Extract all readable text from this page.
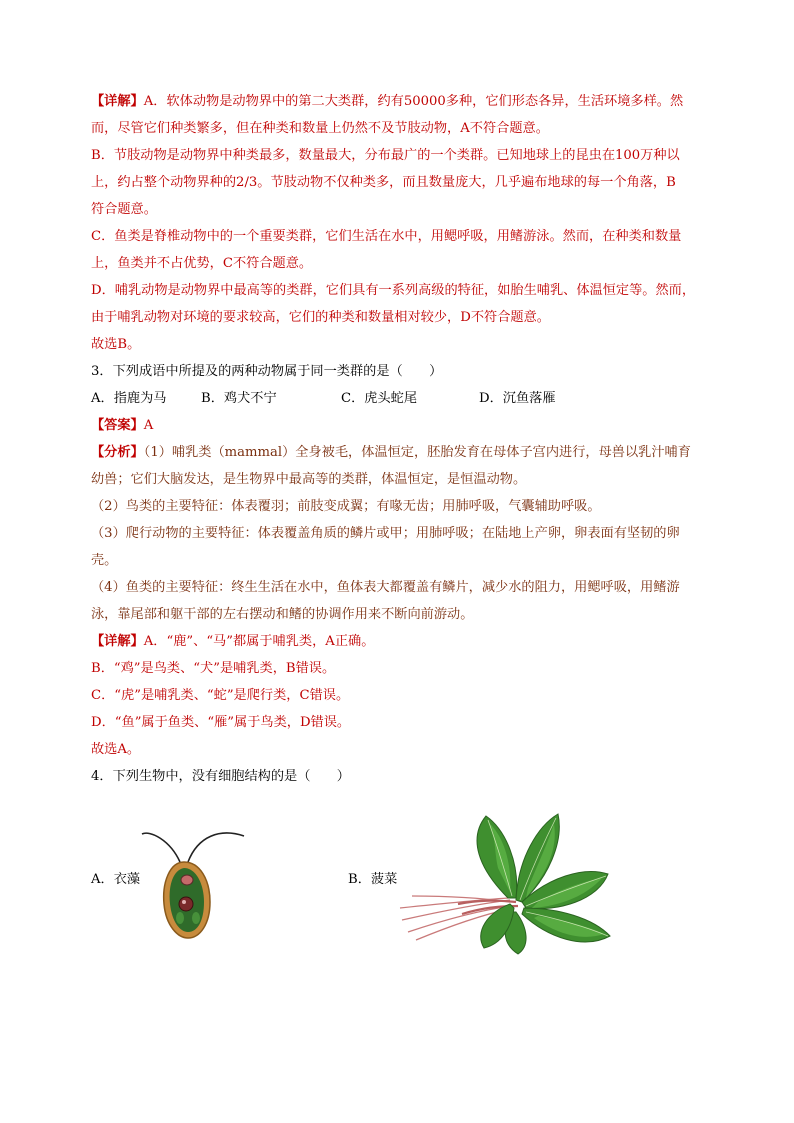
【详解】A．软体动物是动物界中的第二大类群，约有50000多种，它们形态各异，生活环境多样。然
而，尽管它们种类繁多，但在种类和数量上仍然不及节肢动物，A不符合题意。
B．节肢动物是动物界中种类最多，数量最大，分布最广的一个类群。已知地球上的昆虫在100万种以
上，约占整个动物界种的2/3。节肢动物不仅种类多，而且数量庞大，几乎遍布地球的每一个角落，B
符合题意。
C．鱼类是脊椎动物中的一个重要类群，它们生活在水中，用鳃呼吸，用鳍游泳。然而，在种类和数量
上，鱼类并不占优势，C不符合题意。
D．哺乳动物是动物界中最高等的类群，它们具有一系列高级的特征，如胎生哺乳、体温恒定等。然而，
由于哺乳动物对环境的要求较高，它们的种类和数量相对较少，D不符合题意。
故选B。
3．下列成语中所提及的两种动物属于同一类群的是（　　）
A．指鹿为马	B．鸡犬不宁	C．虎头蛇尾	D．沉鱼落雁
【答案】A
【分析】（1）哺乳类（mammal）全身被毛，体温恒定，胚胎发育在母体子宫内进行，母兽以乳汁哺育
幼兽；它们大脑发达，是生物界中最高等的类群，体温恒定，是恒温动物。
（2）鸟类的主要特征：体表覆羽；前肢变成翼；有喙无齿；用肺呼吸，气囊辅助呼吸。
（3）爬行动物的主要特征：体表覆盖角质的鳞片或甲；用肺呼吸；在陆地上产卵，卵表面有坚韧的卵
壳。
（4）鱼类的主要特征：终生生活在水中，鱼体表大都覆盖有鳞片，减少水的阻力，用鳃呼吸，用鳍游
泳，靠尾部和躯干部的左右摆动和鳍的协调作用来不断向前游动。
【详解】A．“鹿”、“马”都属于哺乳类，A正确。
B．“鸡”是鸟类、“犬”是哺乳类，B错误。
C．“虎”是哺乳类、“蛇”是爬行类，C错误。
D．“鱼”属于鱼类、“雁”属于鸟类，D错误。
故选A。
4．下列生物中，没有细胞结构的是（　　）
A．衣藻	B．菠菜
